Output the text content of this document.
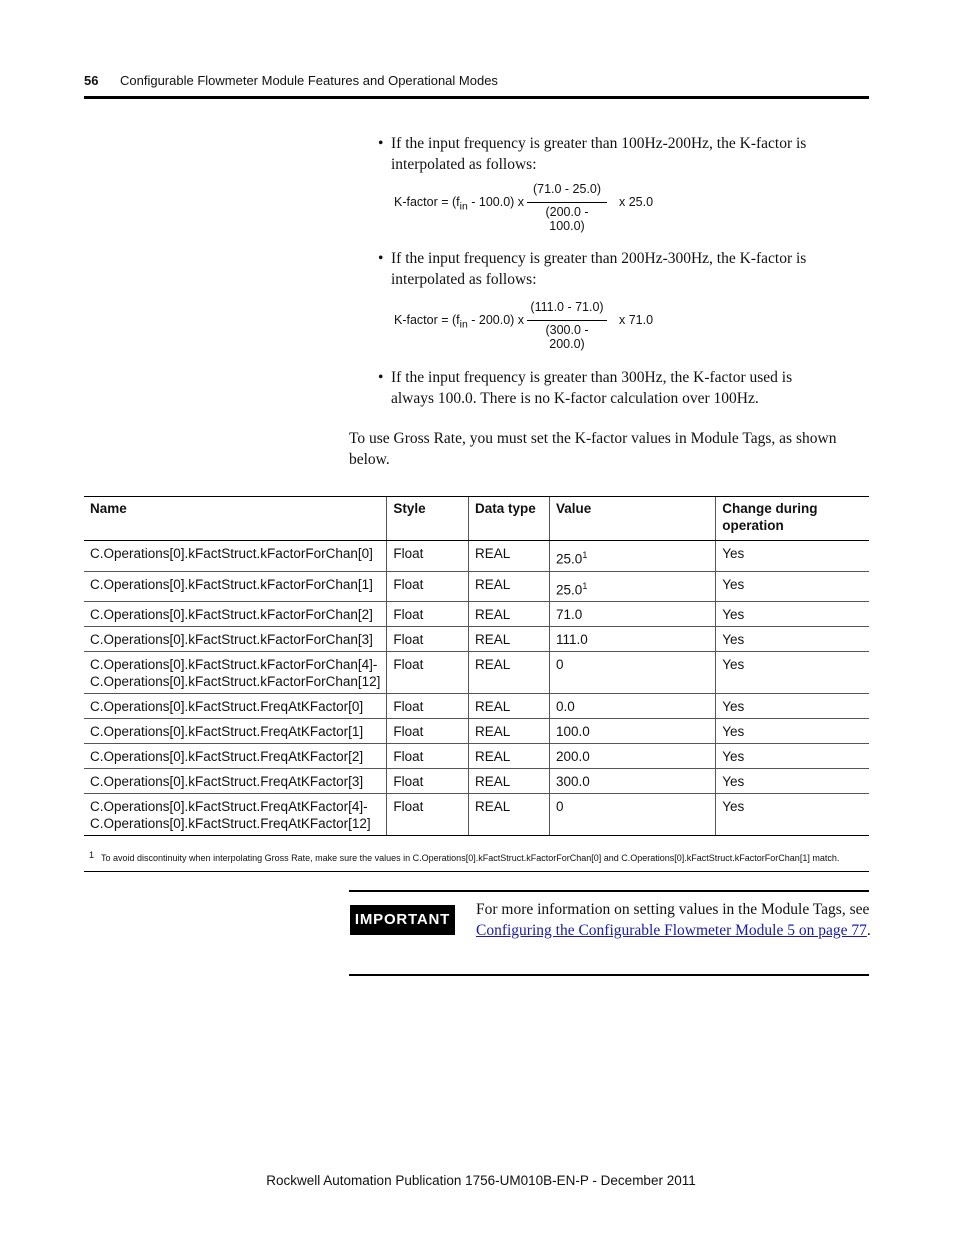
56 Configurable Flowmeter Module Features and Operational Modes
• If the input frequency is greater than 100Hz-200Hz, the K-factor is interpolated as follows:
K-factor = $(f_{in} - 100.0)$ x
(71.0 - 25.0)
(200.0 - 100.0)
x 25.0
• If the input frequency is greater than 200Hz-300Hz, the K-factor is interpolated as follows:
K-factor = $(f_{in} - 200.0)$ x
(111.0 - 71.0)
(300.0 - 200.0)
x 71.0
• If the input frequency is greater than 300Hz, the K-factor used is always 100.0. There is no K-factor calculation over 100Hz.
To use Gross Rate, you must set the K-factor values in Module Tags, as shown below.
Name	Style	Data type	Value	Change during operation
C.Operations[0].kFactStruct.kFactorForChan[0]	Float	REAL	25.0$^1$	Yes
C.Operations[0].kFactStruct.kFactorForChan[1]	Float	REAL	25.0$^1$	Yes
C.Operations[0].kFactStruct.kFactorForChan[2]	Float	REAL	71.0	Yes
C.Operations[0].kFactStruct.kFactorForChan[3]	Float	REAL	111.0	Yes
C.Operations[0].kFactStruct.kFactorForChan[4]-
C.Operations[0].kFactStruct.kFactorForChan[12]	Float	REAL	0	Yes
C.Operations[0].kFactStruct.FreqAtKFactor[0]	Float	REAL	0.0	Yes
C.Operations[0].kFactStruct.FreqAtKFactor[1]	Float	REAL	100.0	Yes
C.Operations[0].kFactStruct.FreqAtKFactor[2]	Float	REAL	200.0	Yes
C.Operations[0].kFactStruct.FreqAtKFactor[3]	Float	REAL	300.0	Yes
C.Operations[0].kFactStruct.FreqAtKFactor[4]-
C.Operations[0].kFactStruct.FreqAtKFactor[12]	Float	REAL	0	Yes
1 To avoid discontinuity when interpolating Gross Rate, make sure the values in C.Operations[0].kFactStruct.kFactorForChan[0] and C.Operations[0].kFactStruct.kFactorForChan[1] match.
IMPORTANT
For more information on setting values in the Module Tags, see Configuring the Configurable Flowmeter Module 5 on page 77.
Rockwell Automation Publication 1756-UM010B-EN-P - December 2011
